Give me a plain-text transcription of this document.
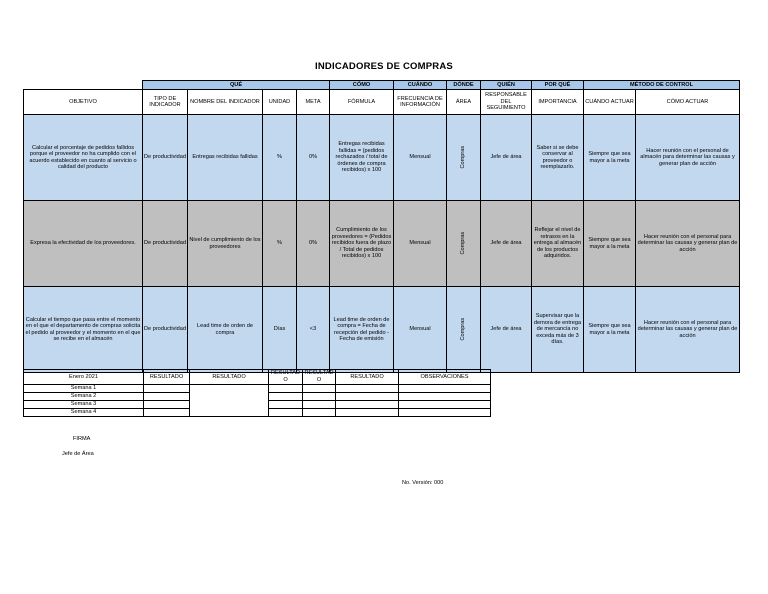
INDICADORES DE COMPRAS
	QUÉ				CÓMO	CUÁNDO	DÓNDE	QUIÉN	POR QUÉ	MÉTODO DE CONTROL	
OBJETIVO	TIPO DE INDICADOR	NOMBRE DEL INDICADOR	UNIDAD	META	FÓRMULA	FRECUENCIA DE INFORMACIÓN	ÁREA	RESPONSABLE DEL SEGUIMIENTO	IMPORTANCIA	CUÁNDO ACTUAR	CÓMO ACTUAR
Calcular el porcentaje de pedidos fallidos porque el proveedor no ha cumplido con el acuerdo establecido en cuanto al servicio o calidad del producto	De productividad	Entregas recibidas fallidas	%	0%	Entregas recibidas fallidas = (pedidos rechazados / total de órdenes de compra recibidos) x 100	Mensual	Compras	Jefe de área	Saber si se debe conservar al proveedor o reemplazarlo.	Siempre que sea mayor a la meta	Hacer reunión con el personal de almacén para determinar las causas y generar plan de acción
Expresa la efectividad de los proveedores.	De productividad	Nivel de cumplimiento de los proveedores	%	0%	Cumplimiento de los proveedores = (Pedidos recibidos fuera de plazo / Total de pedidos recibidos) x 100	Mensual	Compras	Jefe de área	Reflejar el nivel de retrasos en la entrega al almacén de los productos adquiridos.	Siempre que sea mayor a la meta	Hacer reunión con el personal para determinar las causas y generar plan de acción
Calcular el tiempo que pasa entre el momento en el que el departamento de compras solicita el pedido al proveedor y el momento en el que se recibe en el almacén	De productividad	Lead time de orden de compra	Días	<3	Lead time de orden de compra = Fecha de recepción del pedido - Fecha de emisión	Mensual	Compras	Jefe de área	Supervisar que la demora de entrega de mercancía no exceda más de 3 días.	Siempre que sea mayor a la meta	Hacer reunión con el personal para determinar las causas y generar plan de acción
Enero 2021	RESULTADO	RESULTADO	RESULTADO	RESULTADO	RESULTADO	OBSERVACIONES
Semana 1						
Semana 2						
Semana 3						
Semana 4						
FIRMA
Jefe de Área
No. Versión: 000
